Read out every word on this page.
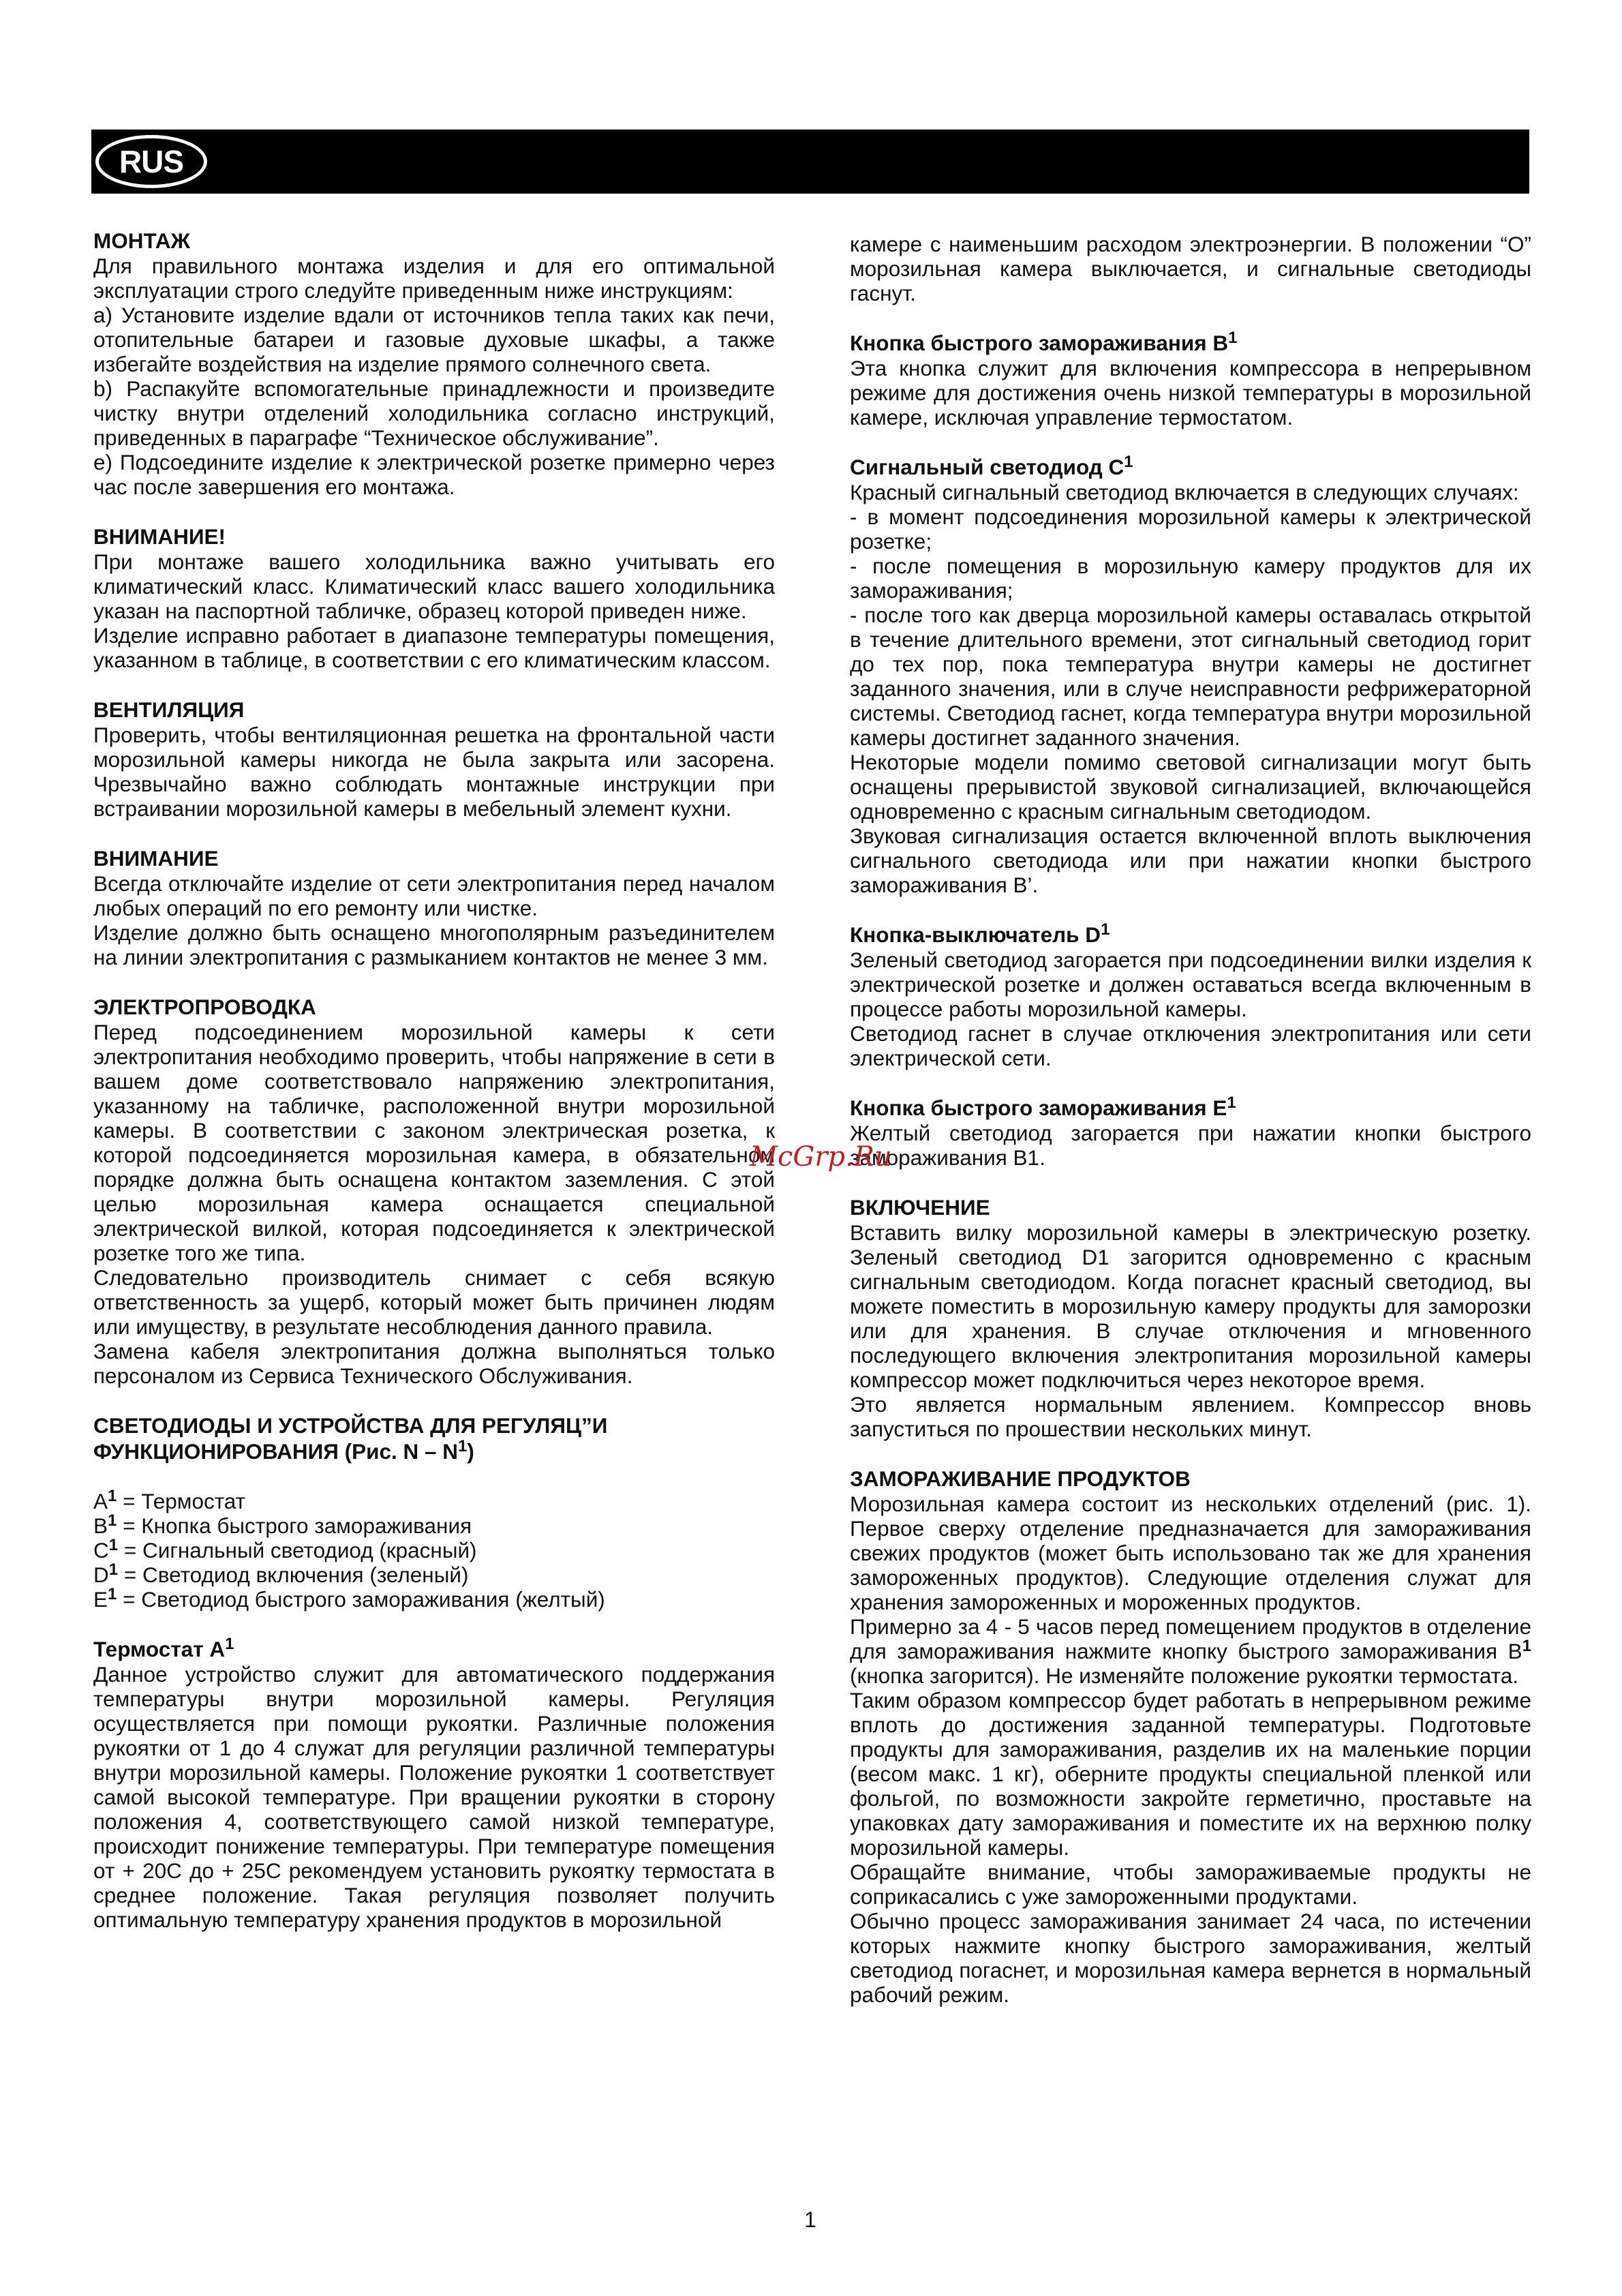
RUS
МОНТАЖ
Для правильного монтажа изделия и для его оптимальной эксплуатации строго следуйте приведенным ниже инструкциям:
a) Установите изделие вдали от источников тепла таких как печи, отопительные батареи и газовые духовые шкафы, а также избегайте воздействия на изделие прямого солнечного света.
b) Распакуйте вспомогательные принадлежности и произведите чистку внутри отделений холодильника согласно инструкций, приведенных в параграфе “Техническое обслуживание”.
e) Подсоедините изделие к электрической розетке примерно через час после завершения его монтажа.
ВНИМАНИЕ!
При монтаже вашего холодильника важно учитывать его климатический класс. Климатический класс вашего холодильника указан на паспортной табличке, образец которой приведен ниже.
Изделие исправно работает в диапазоне температуры помещения, указанном в таблице, в соответствии с его климатическим классом.
ВЕНТИЛЯЦИЯ
Проверить, чтобы вентиляционная решетка на фронтальной части морозильной камеры никогда не была закрыта или засорена. Чрезвычайно важно соблюдать монтажные инструкции при встраивании морозильной камеры в мебельный элемент кухни.
ВНИМАНИЕ
Всегда отключайте изделие от сети электропитания перед началом любых операций по его ремонту или чистке.
Изделие должно быть оснащено многополярным разъединителем на линии электропитания с размыканием контактов не менее 3 мм.
ЭЛЕКТРОПРОВОДКА
Перед подсоединением морозильной камеры к сети электропитания необходимо проверить, чтобы напряжение в сети в вашем доме соответствовало напряжению электропитания, указанному на табличке, расположенной внутри морозильной камеры. В соответствии с законом электрическая розетка, к которой подсоединяется морозильная камера, в обязательном порядке должна быть оснащена контактом заземления. С этой целью морозильная камера оснащается специальной электрической вилкой, которая подсоединяется к электрической розетке того же типа.
Следовательно производитель снимает с себя всякую ответственность за ущерб, который может быть причинен людям или имуществу, в результате несоблюдения данного правила.
Замена кабеля электропитания должна выполняться только персоналом из Сервиса Технического Обслуживания.
СВЕТОДИОДЫ И УСТРОЙСТВА ДЛЯ РЕГУЛЯЦ”И
ФУНКЦИОНИРОВАНИЯ (Рис. N – $N^1$)
$A^1$ = Термостат
$B^1$ = Кнопка быстрого замораживания
$C^1$ = Сигнальный светодиод (красный)
$D^1$ = Светодиод включения (зеленый)
$E^1$ = Светодиод быстрого замораживания (желтый)
Термостат $A^1$
Данное устройство служит для автоматического поддержания температуры внутри морозильной камеры. Регуляция осуществляется при помощи рукоятки. Различные положения рукоятки от 1 до 4 служат для регуляции различной температуры внутри морозильной камеры. Положение рукоятки 1 соответствует самой высокой температуре. При вращении рукоятки в сторону положения 4, соответствующего самой низкой температуре, происходит понижение температуры. При температуре помещения от + 20С до + 25С рекомендуем установить рукоятку термостата в среднее положение. Такая регуляция позволяет получить оптимальную температуру хранения продуктов в морозильной
камере с наименьшим расходом электроэнергии. В положении “О” морозильная камера выключается, и сигнальные светодиоды гаснут.
Кнопка быстрого замораживания $B^1$
Эта кнопка служит для включения компрессора в непрерывном режиме для достижения очень низкой температуры в морозильной камере, исключая управление термостатом.
Сигнальный светодиод $C^1$
Красный сигнальный светодиод включается в следующих случаях:
- в момент подсоединения морозильной камеры к электрической розетке;
- после помещения в морозильную камеру продуктов для их замораживания;
- после того как дверца морозильной камеры оставалась открытой в течение длительного времени, этот сигнальный светодиод горит до тех пор, пока температура внутри камеры не достигнет заданного значения, или в случе неисправности рефрижераторной системы. Светодиод гаснет, когда температура внутри морозильной камеры достигнет заданного значения.
Некоторые модели помимо световой сигнализации могут быть оснащены прерывистой звуковой сигнализацией, включающейся одновременно с красным сигнальным светодиодом.
Звуковая сигнализация остается включенной вплоть выключения сигнального светодиода или при нажатии кнопки быстрого замораживания B’.
Кнопка-выключатель $D^1$
Зеленый светодиод загорается при подсоединении вилки изделия к электрической розетке и должен оставаться всегда включенным в процессе работы морозильной камеры.
Светодиод гаснет в случае отключения электропитания или сети электрической сети.
Кнопка быстрого замораживания $E^1$
Желтый светодиод загорается при нажатии кнопки быстрого замораживания B1.
ВКЛЮЧЕНИЕ
Вставить вилку морозильной камеры в электрическую розетку. Зеленый светодиод D1 загорится одновременно с красным сигнальным светодиодом. Когда погаснет красный светодиод, вы можете поместить в морозильную камеру продукты для заморозки или для хранения. В случае отключения и мгновенного последующего включения электропитания морозильной камеры компрессор может подключиться через некоторое время.
Это является нормальным явлением. Компрессор вновь запуститься по прошествии нескольких минут.
ЗАМОРАЖИВАНИЕ ПРОДУКТОВ
Морозильная камера состоит из нескольких отделений (рис. 1). Первое сверху отделение предназначается для замораживания свежих продуктов (может быть использовано так же для хранения замороженных продуктов). Следующие отделения служат для хранения замороженных и мороженных продуктов.
Примерно за 4 - 5 часов перед помещением продуктов в отделение для замораживания нажмите кнопку быстрого замораживания $B^1$ (кнопка загорится). Не изменяйте положение рукоятки термостата.
Таким образом компрессор будет работать в непрерывном режиме вплоть до достижения заданной температуры. Подготовьте продукты для замораживания, разделив их на маленькие порции (весом макс. 1 кг), оберните продукты специальной пленкой или фольгой, по возможности закройте герметично, проставьте на упаковках дату замораживания и поместите их на верхнюю полку морозильной камеры.
Обращайте внимание, чтобы замораживаемые продукты не соприкасались с уже замороженными продуктами.
Обычно процесс замораживания занимает 24 часа, по истечении которых нажмите кнопку быстрого замораживания, желтый светодиод погаснет, и морозильная камера вернется в нормальный рабочий режим.
McGrp.Ru
1
